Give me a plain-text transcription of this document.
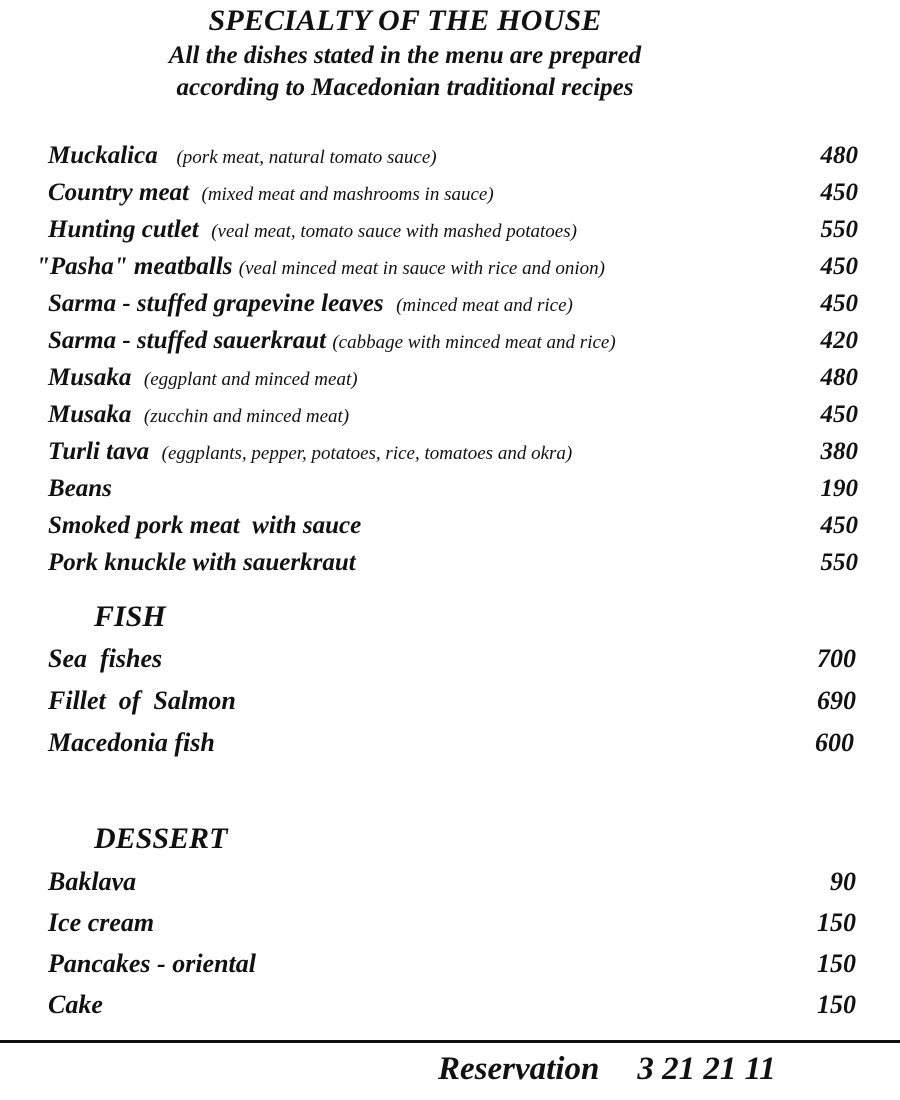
SPECIALTY OF THE HOUSE
All the dishes stated in the menu are prepared
according to Macedonian traditional recipes
Muckalica (pork meat, natural tomato sauce)	480
Country meat (mixed meat and mashrooms in sauce)	450
Hunting cutlet (veal meat, tomato sauce with mashed potatoes)	550
"Pasha" meatballs (veal minced meat in sauce with rice and onion)	450
Sarma - stuffed grapevine leaves (minced meat and rice)	450
Sarma - stuffed sauerkraut (cabbage with minced meat and rice)	420
Musaka (eggplant and minced meat)	480
Musaka (zucchin and minced meat)	450
Turli tava (eggplants, pepper, potatoes, rice, tomatoes and okra)	380
Beans	190
Smoked pork meat  with sauce	450
Pork knuckle with sauerkraut	550
FISH
Sea  fishes	700
Fillet  of  Salmon	690
Macedonia fish	600
DESSERT
Baklava	90
Ice cream	150
Pancakes - oriental	150
Cake	150
Reservation 3 21 21 11
